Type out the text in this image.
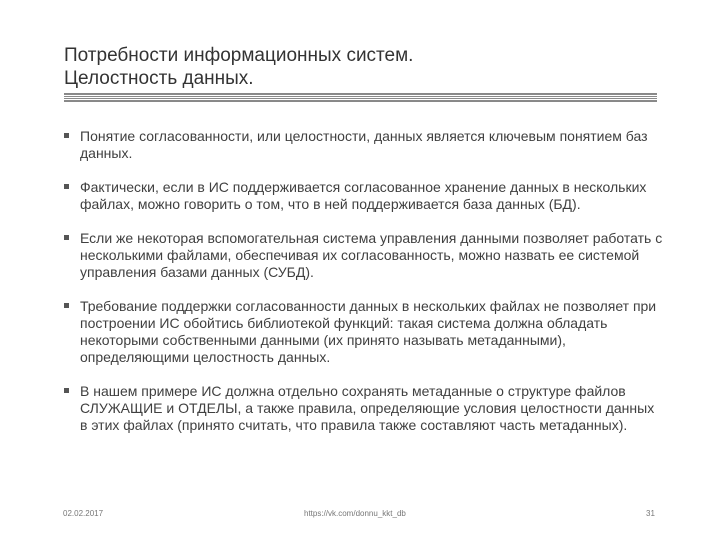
Потребности информационных систем.
Целостность данных.
Понятие согласованности, или целостности, данных является ключевым понятием баз данных.
Фактически, если в ИС поддерживается согласованное хранение данных в нескольких файлах, можно говорить о том, что в ней поддерживается база данных (БД).
Если же некоторая вспомогательная система управления данными позволяет работать с несколькими файлами, обеспечивая их согласованность, можно назвать ее системой управления базами данных (СУБД).
Требование поддержки согласованности данных в нескольких файлах не позволяет при построении ИС обойтись библиотекой функций: такая система должна обладать некоторыми собственными данными (их принято называть метаданными), определяющими целостность данных.
В нашем примере ИС должна отдельно сохранять метаданные о структуре файлов СЛУЖАЩИЕ и ОТДЕЛЫ, а также правила, определяющие условия целостности данных в этих файлах (принято считать, что правила также составляют часть метаданных).
02.02.2017	https://vk.com/donnu_kkt_db	31
